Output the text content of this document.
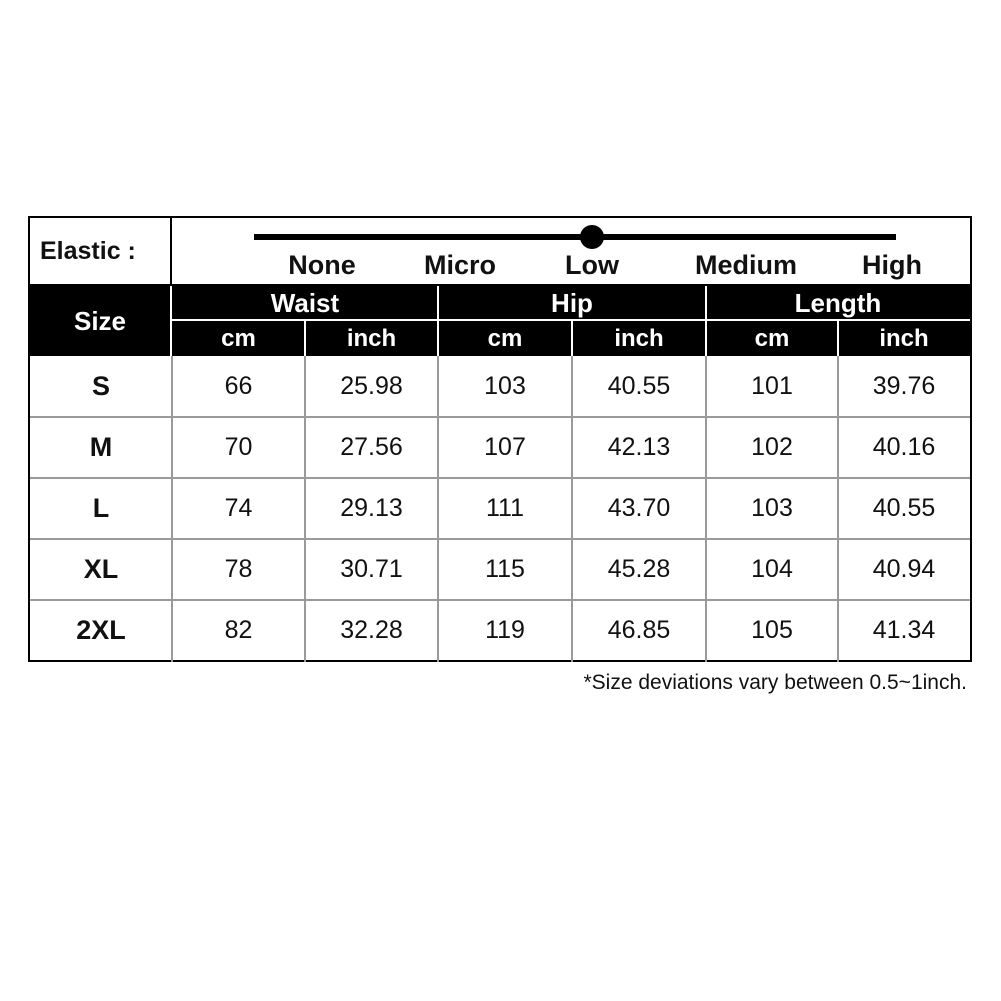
Elastic :	None	Micro	Low	Medium High
Size
Waist	Hip	Length
cm	inch	cm	inch	cm	inch
S	66	25.98	103	40.55	101	39.76
M	70	27.56	107	42.13	102	40.16
L	74	29.13	111	43.70	103	40.55
XL	78	30.71	115	45.28	104	40.94
2XL	82	32.28	119	46.85	105	41.34
*Size deviations vary between 0.5~1inch.
